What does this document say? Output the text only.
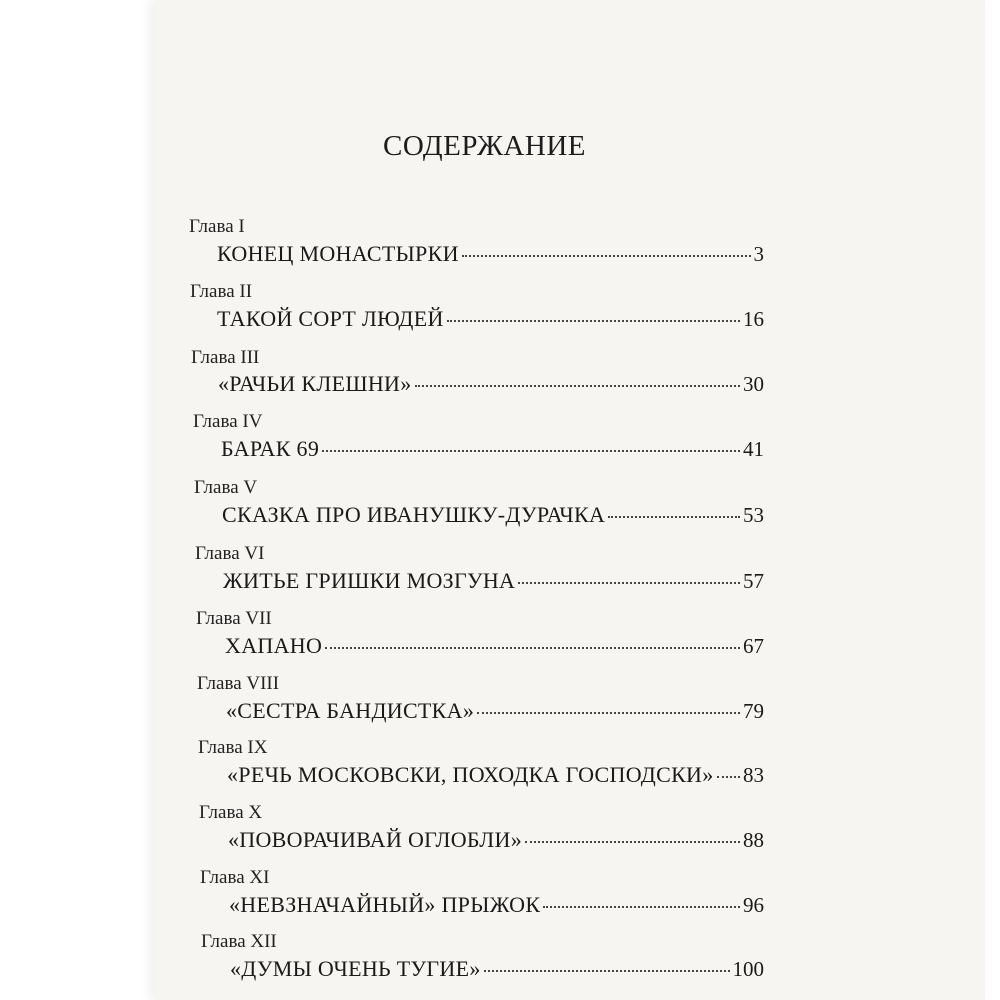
СОДЕРЖАНИЕ
Глава I
КОНЕЦ МОНАСТЫРКИ	3
Глава II
ТАКОЙ СОРТ ЛЮДЕЙ	16
Глава III
«РАЧЬИ КЛЕШНИ»	30
Глава IV
БАРАК 69	41
Глава V
СКАЗКА ПРО ИВАНУШКУ-ДУРАЧКА	53
Глава VI
ЖИТЬЕ ГРИШКИ МОЗГУНА	57
Глава VII
ХАПАНО	67
Глава VIII
«СЕСТРА БАНДИСТКА»	79
Глава IX
«РЕЧЬ МОСКОВСКИ, ПОХОДКА ГОСПОДСКИ» 83
Глава X
«ПОВОРАЧИВАЙ ОГЛОБЛИ»	88
Глава XI
«НЕВЗНАЧАЙНЫЙ» ПРЫЖОК	96
Глава XII
«ДУМЫ ОЧЕНЬ ТУГИЕ»	100
